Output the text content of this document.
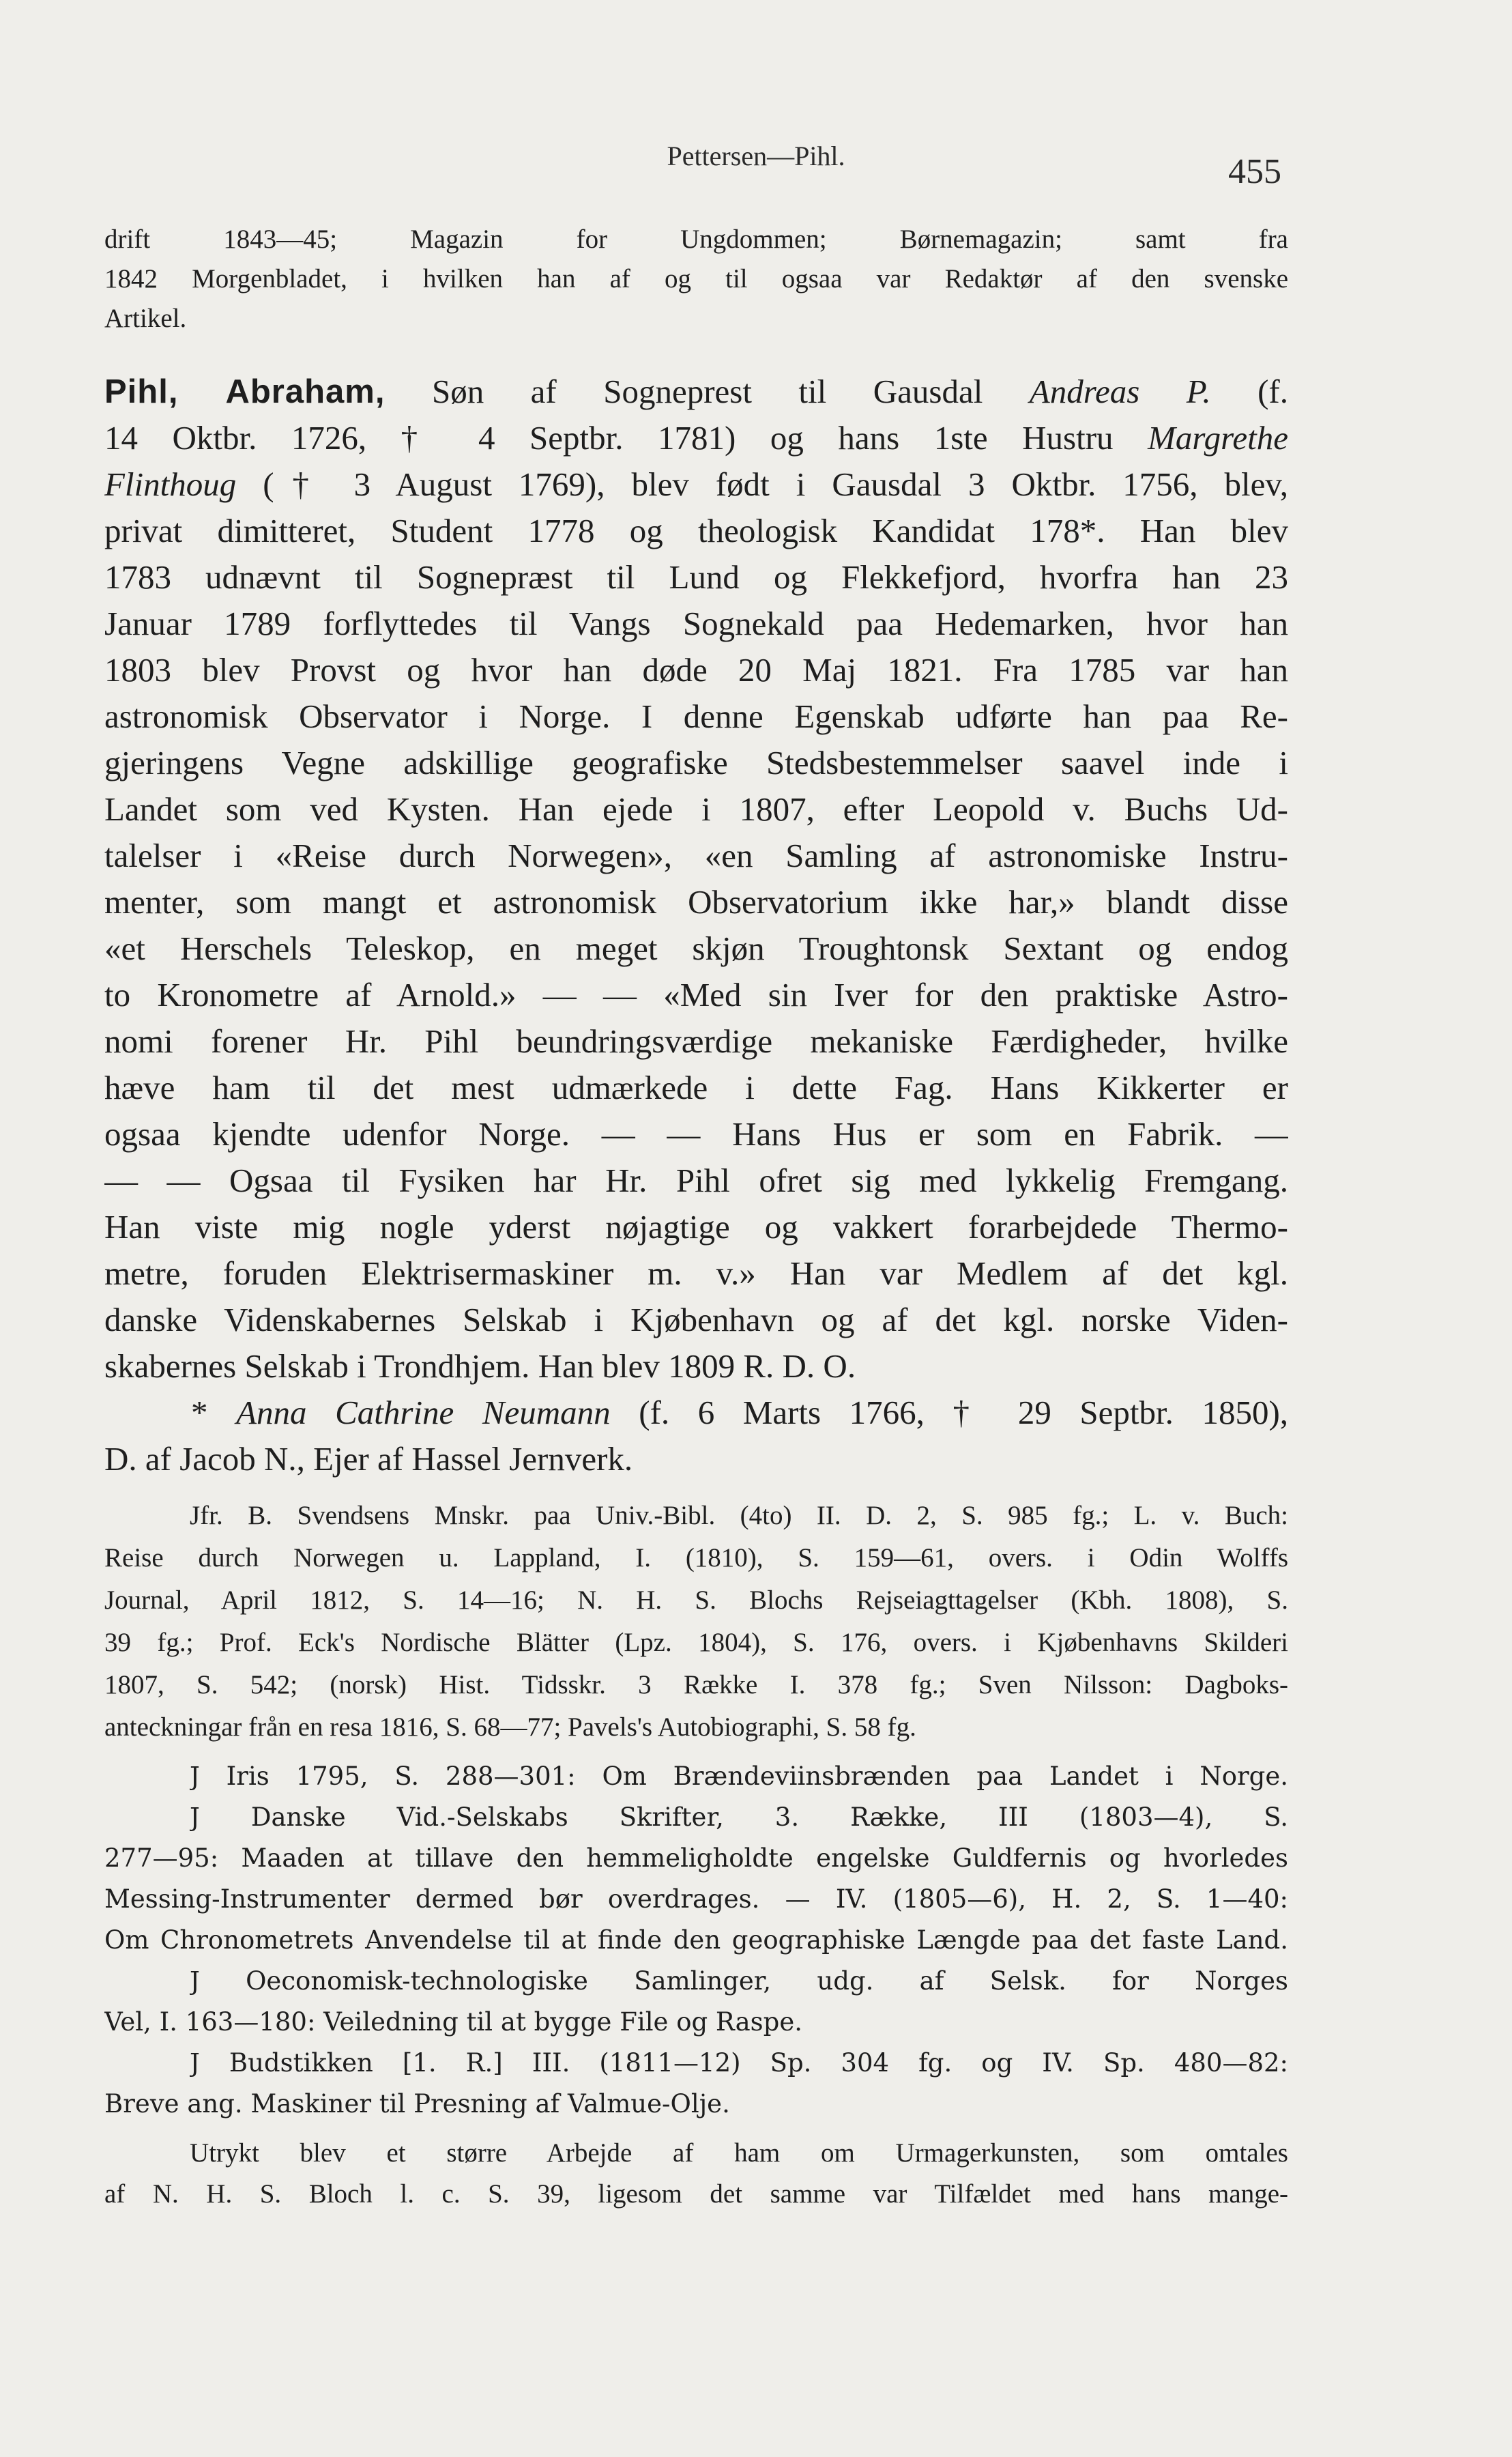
Pettersen—Pihl.	455
drift 1843—45; Magazin for Ungdommen; Børnemagazin; samt fra
1842 Morgenbladet, i hvilken han af og til ogsaa var Redaktør af den svenske
Artikel.
Pihl, Abraham, Søn af Sogneprest til Gausdal Andreas P. (f.
14 Oktbr. 1726, † 4 Septbr. 1781) og hans 1ste Hustru Margrethe
Flinthoug († 3 August 1769), blev født i Gausdal 3 Oktbr. 1756, blev,
privat dimitteret, Student 1778 og theologisk Kandidat 178*. Han blev
1783 udnævnt til Sognepræst til Lund og Flekkefjord, hvorfra han 23
Januar 1789 forflyttedes til Vangs Sognekald paa Hedemarken, hvor han
1803 blev Provst og hvor han døde 20 Maj 1821. Fra 1785 var han
astronomisk Observator i Norge. I denne Egenskab udførte han paa Re-
gjeringens Vegne adskillige geografiske Stedsbestemmelser saavel inde i
Landet som ved Kysten. Han ejede i 1807, efter Leopold v. Buchs Ud-
talelser i «Reise durch Norwegen», «en Samling af astronomiske Instru-
menter, som mangt et astronomisk Observatorium ikke har,» blandt disse
«et Herschels Teleskop, en meget skjøn Troughtonsk Sextant og endog
to Kronometre af Arnold.» — — «Med sin Iver for den praktiske Astro-
nomi forener Hr. Pihl beundringsværdige mekaniske Færdigheder, hvilke
hæve ham til det mest udmærkede i dette Fag. Hans Kikkerter er
ogsaa kjendte udenfor Norge. — — Hans Hus er som en Fabrik. —
— — Ogsaa til Fysiken har Hr. Pihl ofret sig med lykkelig Fremgang.
Han viste mig nogle yderst nøjagtige og vakkert forarbejdede Thermo-
metre, foruden Elektrisermaskiner m. v.» Han var Medlem af det kgl.
danske Videnskabernes Selskab i Kjøbenhavn og af det kgl. norske Viden-
skabernes Selskab i Trondhjem. Han blev 1809 R. D. O.
* Anna Cathrine Neumann (f. 6 Marts 1766, † 29 Septbr. 1850),
D. af Jacob N., Ejer af Hassel Jernverk.
Jfr. B. Svendsens Mnskr. paa Univ.-Bibl. (4to) II. D. 2, S. 985 fg.; L. v. Buch:
Reise durch Norwegen u. Lappland, I. (1810), S. 159—61, overs. i Odin Wolffs
Journal, April 1812, S. 14—16; N. H. S. Blochs Rejseiagttagelser (Kbh. 1808), S.
39 fg.; Prof. Eck's Nordische Blätter (Lpz. 1804), S. 176, overs. i Kjøbenhavns Skilderi
1807, S. 542; (norsk) Hist. Tidsskr. 3 Række I. 378 fg.; Sven Nilsson: Dagboks-
anteckningar från en resa 1816, S. 68—77; Pavels's Autobiographi, S. 58 fg.
J Iris 1795, S. 288—301: Om Brændeviinsbrænden paa Landet i Norge.
J Danske Vid.-Selskabs Skrifter, 3. Række, III (1803—4), S.
277—95: Maaden at tillave den hemmeligholdte engelske Guldfernis og hvorledes
Messing-Instrumenter dermed bør overdrages. — IV. (1805—6), H. 2, S. 1—40:
Om Chronometrets Anvendelse til at finde den geographiske Længde paa det faste Land.
J Oeconomisk-technologiske Samlinger, udg. af Selsk. for Norges
Vel, I. 163—180: Veiledning til at bygge File og Raspe.
J Budstikken [1. R.] III. (1811—12) Sp. 304 fg. og IV. Sp. 480—82:
Breve ang. Maskiner til Presning af Valmue-Olje.
Utrykt blev et større Arbejde af ham om Urmagerkunsten, som omtales
af N. H. S. Bloch l. c. S. 39, ligesom det samme var Tilfældet med hans mange-
